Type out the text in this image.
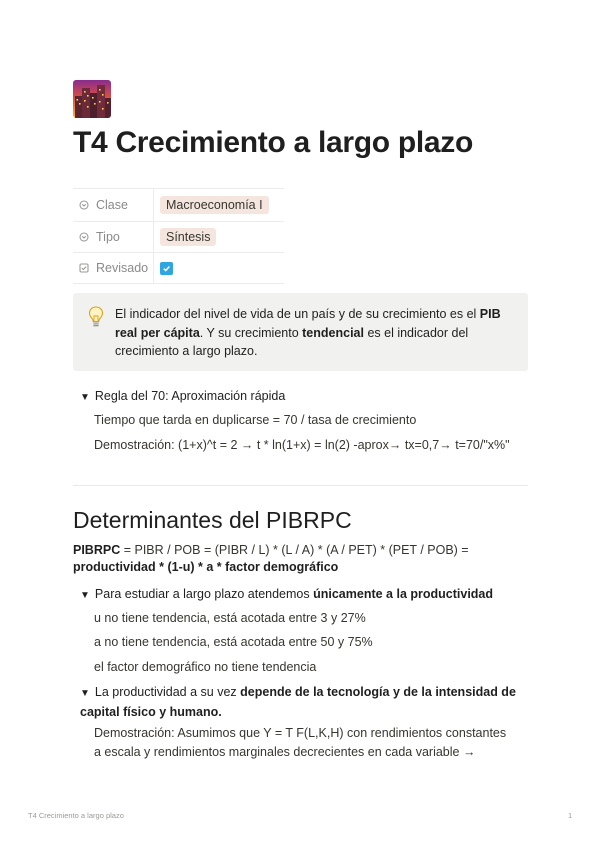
T4 Crecimiento a largo plazo
Clase	Macroeconomía I
Tipo	Síntesis
Revisado
El indicador del nivel de vida de un país y de su crecimiento es el PIB real per cápita. Y su crecimiento tendencial es el indicador del crecimiento a largo plazo.
▼ Regla del 70: Aproximación rápida
Tiempo que tarda en duplicarse = 70 / tasa de crecimiento
Demostración: (1+x)^t = 2 → t * ln(1+x) = ln(2) -aprox→ tx=0,7→ t=70/"x%"
Determinantes del PIBRPC
PIBRPC = PIBR / POB = (PIBR / L) * (L / A) * (A / PET) * (PET / POB) =
productividad * (1-u) * a * factor demográfico
▼ Para estudiar a largo plazo atendemos únicamente a la productividad
u no tiene tendencia, está acotada entre 3 y 27%
a no tiene tendencia, está acotada entre 50 y 75%
el factor demográfico no tiene tendencia
▼ La productividad a su vez depende de la tecnología y de la intensidad de capital físico y humano.
Demostración: Asumimos que Y = T F(L,K,H) con rendimientos constantes
a escala y rendimientos marginales decrecientes en cada variable →
T4 Crecimiento a largo plazo	1
